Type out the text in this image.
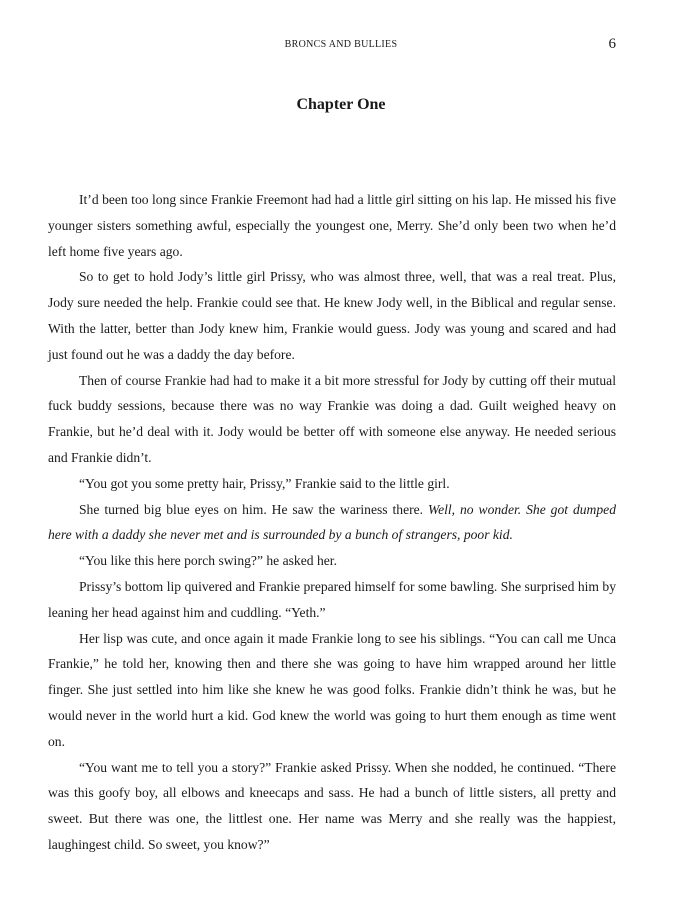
BRONCS AND BULLIES	6
Chapter One

It’d been too long since Frankie Freemont had had a little girl sitting on his lap. He missed his five younger sisters something awful, especially the youngest one, Merry. She’d only been two when he’d left home five years ago.

So to get to hold Jody’s little girl Prissy, who was almost three, well, that was a real treat. Plus, Jody sure needed the help. Frankie could see that. He knew Jody well, in the Biblical and regular sense. With the latter, better than Jody knew him, Frankie would guess. Jody was young and scared and had just found out he was a daddy the day before.

Then of course Frankie had had to make it a bit more stressful for Jody by cutting off their mutual fuck buddy sessions, because there was no way Frankie was doing a dad. Guilt weighed heavy on Frankie, but he’d deal with it. Jody would be better off with someone else anyway. He needed serious and Frankie didn’t.

“You got you some pretty hair, Prissy,” Frankie said to the little girl.

She turned big blue eyes on him. He saw the wariness there. Well, no wonder. She got dumped here with a daddy she never met and is surrounded by a bunch of strangers, poor kid.

“You like this here porch swing?” he asked her.

Prissy’s bottom lip quivered and Frankie prepared himself for some bawling. She surprised him by leaning her head against him and cuddling. “Yeth.”

Her lisp was cute, and once again it made Frankie long to see his siblings. “You can call me Unca Frankie,” he told her, knowing then and there she was going to have him wrapped around her little finger. She just settled into him like she knew he was good folks. Frankie didn’t think he was, but he would never in the world hurt a kid. God knew the world was going to hurt them enough as time went on.

“You want me to tell you a story?” Frankie asked Prissy. When she nodded, he continued. “There was this goofy boy, all elbows and kneecaps and sass. He had a bunch of little sisters, all pretty and sweet. But there was one, the littlest one. Her name was Merry and she really was the happiest, laughingest child. So sweet, you know?”
